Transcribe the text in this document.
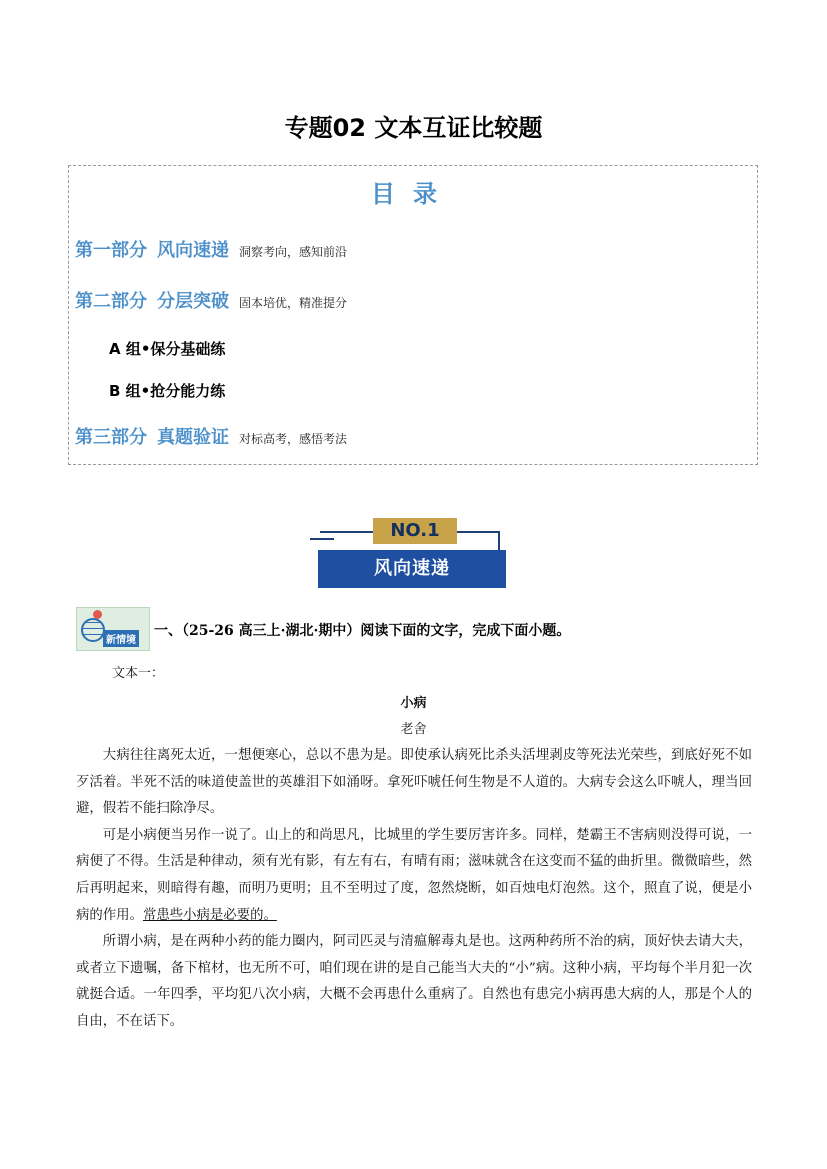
专题02 文本互证比较题
目录
第一部分 风向速递 洞察考向，感知前沿
第二部分 分层突破 固本培优，精准提分
A 组•保分基础练
B 组•抢分能力练
第三部分 真题验证 对标高考，感悟考法
NO.1
风向速递
新情境
一、（25-26 高三上·湖北·期中）阅读下面的文字，完成下面小题。
文本一：
小病
老舍

大病往往离死太近，一想便寒心，总以不患为是。即使承认病死比杀头活埋剥皮等死法光荣些，到底好死不如歹活着。半死不活的味道使盖世的英雄泪下如涌呀。拿死吓唬任何生物是不人道的。大病专会这么吓唬人，理当回避，假若不能扫除净尽。

可是小病便当另作一说了。山上的和尚思凡，比城里的学生要厉害许多。同样，楚霸王不害病则没得可说，一病便了不得。生活是种律动，须有光有影，有左有右，有晴有雨；滋味就含在这变而不猛的曲折里。微微暗些，然后再明起来，则暗得有趣，而明乃更明；且不至明过了度，忽然烧断，如百烛电灯泡然。这个，照直了说，便是小病的作用。常患些小病是必要的。

所谓小病，是在两种小药的能力圈内，阿司匹灵与清瘟解毒丸是也。这两种药所不治的病，顶好快去请大夫，或者立下遗嘱，备下棺材，也无所不可，咱们现在讲的是自己能当大夫的“小”病。这种小病，平均每个半月犯一次就挺合适。一年四季，平均犯八次小病，大概不会再患什么重病了。自然也有患完小病再患大病的人，那是个人的自由，不在话下。
